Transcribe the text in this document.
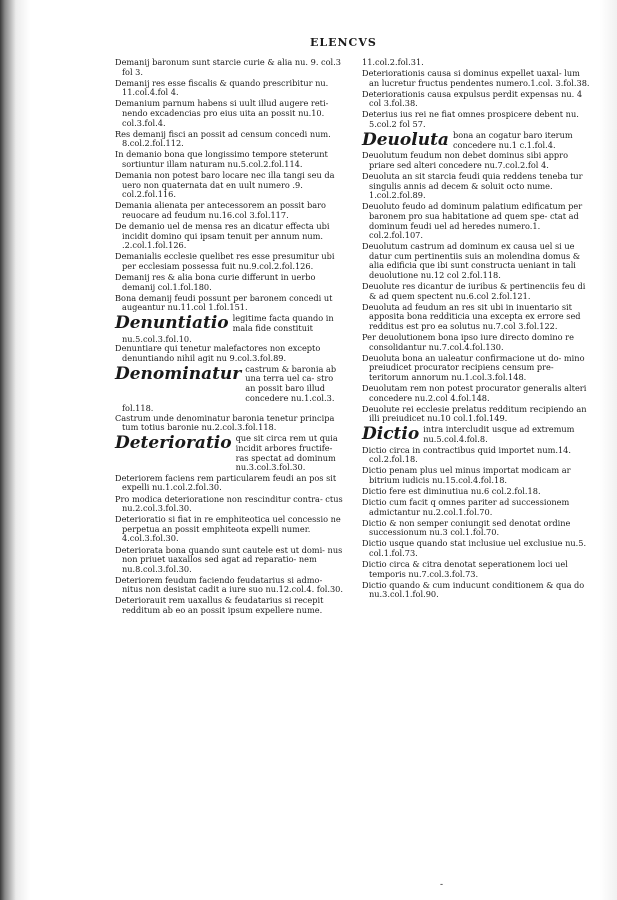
ELENCVS
Demanij baronum sunt starcie curie & alia nu. 9. col.3 fol 3.
Demanij res esse fiscalis & quando prescribitur nu. 11.col.4.fol 4.
Demanium parnum habens si uult illud augere reti- nendo excadencias pro eius uita an possit nu.10. col.3.fol.4.
Res demanij fisci an possit ad censum concedi num. 8.col.2.fol.112.
In demanio bona que longissimo tempore steterunt sortiuntur illam naturam nu.5.col.2.fol.114.
Demania non potest baro locare nec illa tangi seu da uero non quaternata dat en uult numero .9. col.2.fol.116.
Demania alienata per antecessorem an possit baro reuocare ad feudum nu.16.col 3.fol.117.
De demanio uel de mensa res an dicatur effecta ubi incidit domino qui ipsam tenuit per annum num. .2.col.1.fol.126.
Demanialis ecclesie quelibet res esse presumitur ubi per ecclesiam possessa fuit nu.9.col.2.fol.126.
Demanij res & alia bona curie differunt in uerbo demanij col.1.fol.180.
Bona demanij feudi possunt per baronem concedi ut augeantur nu.11.col 1.fol.151.
Denuntiatio legitime facta quando in mala fide constituit
nu.5.col.3.fol.10.
Denuntiare qui tenetur malefactores non excepto denuntiando nihil agit nu 9.col.3.fol.89.
Denominatur castrum & baronia ab una terra uel ca- stro an possit baro illud concedere nu.1.col.3.
fol.118.
Castrum unde denominatur baronia tenetur principa tum totius baronie nu.2.col.3.fol.118.
Deterioratio que sit circa rem ut quia incidit arbores fructife- ras spectat ad dominum nu.3.col.3.fol.30.
Deteriorem faciens rem particularem feudi an pos sit expelli nu.1.col.2.fol.30.
Pro modica deterioratione non rescinditur contra- ctus nu.2.col.3.fol.30.
Deterioratio si fiat in re emphiteotica uel concessio ne perpetua an possit emphiteota expelli numer. 4.col.3.fol.30.
Deteriorata bona quando sunt cautele est ut domi- nus non priuet uaxallos sed agat ad reparatio- nem nu.8.col.3.fol.30.
Deteriorem feudum faciendo feudatarius si admo- nitus non desistat cadit a iure suo nu.12.col.4. fol.30.
Deteriorauit rem uaxallus & feudatarius si recepit redditum ab eo an possit ipsum expellere nume.
11.col.2.fol.31.
Deteriorationis causa si dominus expellet uaxal- lum an lucretur fructus pendentes numero.1.col. 3.fol.38.
Deteriorationis causa expulsus perdit expensas nu. 4 col 3.fol.38.
Deterius ius rei ne fiat omnes prospicere debent nu. 5.col.2 fol 57.
Deuoluta bona an cogatur baro iterum concedere nu.1 c.1.fol.4.
Deuolutum feudum non debet dominus sibi appro priare sed alteri concedere nu.7.col.2.fol 4.
Deuoluta an sit starcia feudi quia reddens teneba tur singulis annis ad decem & soluit octo nume. 1.col.2.fol.89.
Deuoluto feudo ad dominum palatium edificatum per baronem pro sua habitatione ad quem spe- ctat ad dominum feudi uel ad heredes numero.1. col.2.fol.107.
Deuolutum castrum ad dominum ex causa uel si ue datur cum pertinentiis suis an molendina domus & alia edificia que ibi sunt constructa ueniant in tali deuolutione nu.12 col 2.fol.118.
Deuolute res dicantur de iuribus & pertinenciis feu di & ad quem spectent nu.6.col 2.fol.121.
Deuoluta ad feudum an res sit ubi in inuentario sit apposita bona redditicia una excepta ex errore sed redditus est pro ea solutus nu.7.col 3.fol.122.
Per deuolutionem bona ipso iure directo domino re consolidantur nu.7.col.4.fol.130.
Deuoluta bona an ualeatur confirmacione ut do- mino preiudicet procurator recipiens censum pre- teritorum annorum nu.1.col.3.fol.148.
Deuolutam rem non potest procurator generalis alteri concedere nu.2.col 4.fol.148.
Deuolute rei ecclesie prelatus redditum recipiendo an illi preiudicet nu.10 col.1.fol.149.
Dictio intra intercludit usque ad extremum nu.5.col.4.fol.8.
Dictio circa in contractibus quid importet num.14. col.2.fol.18.
Dictio penam plus uel minus importat modicam ar bitrium iudicis nu.15.col.4.fol.18.
Dictio fere est diminutiua nu.6 col.2.fol.18.
Dictio cum facit q omnes pariter ad successionem admictantur nu.2.col.1.fol.70.
Dictio & non semper coniungit sed denotat ordine successionum nu.3 col.1.fol.70.
Dictio usque quando stat inclusiue uel exclusiue nu.5. col.1.fol.73.
Dictio circa & citra denotat seperationem loci uel temporis nu.7.col.3.fol.73.
Dictio quando & cum inducunt conditionem & qua do nu.3.col.1.fol.90.
-
